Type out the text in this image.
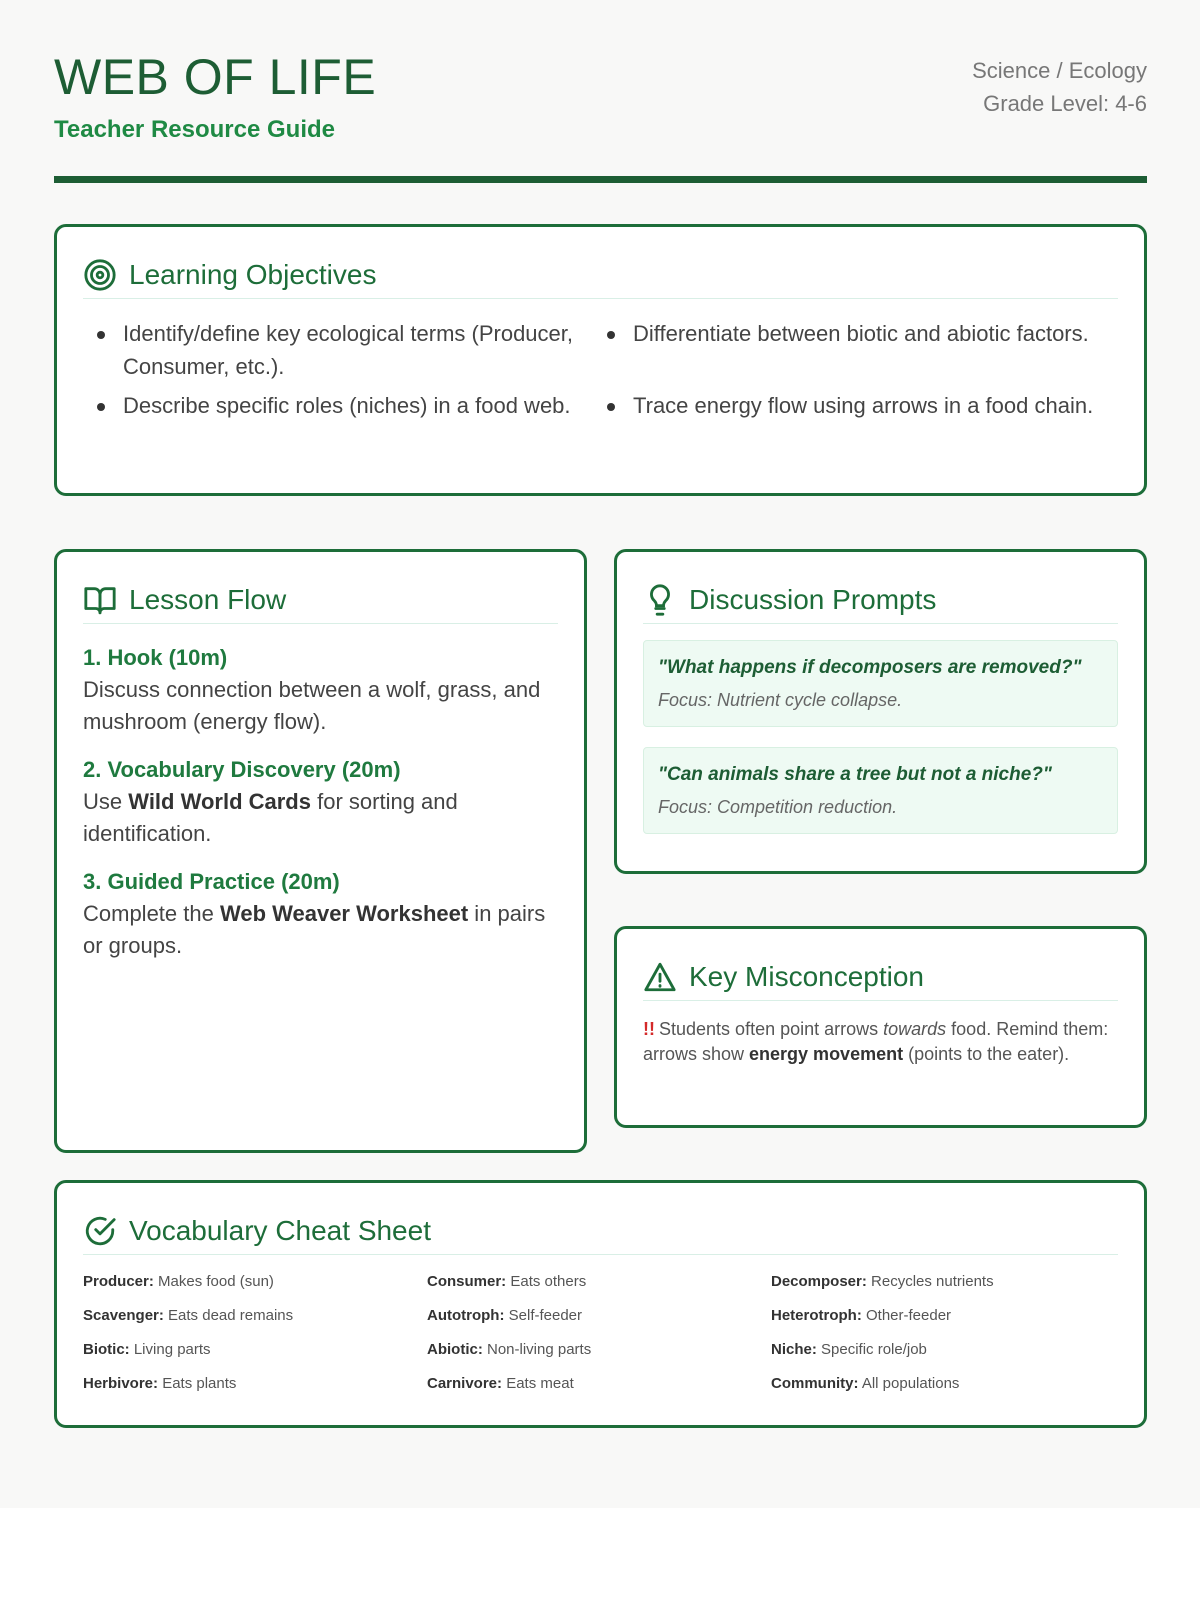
WEB OF LIFE
Teacher Resource Guide
Science / Ecology
Grade Level: 4-6
Learning Objectives
Identify/define key ecological terms (Producer, Consumer, etc.).
Differentiate between biotic and abiotic factors.
Describe specific roles (niches) in a food web.	Trace energy flow using arrows in a food chain.
Lesson Flow
1. Hook (10m)
Discuss connection between a wolf, grass, and mushroom (energy flow).
2. Vocabulary Discovery (20m)
Use Wild World Cards for sorting and identification.
3. Guided Practice (20m)
Complete the Web Weaver Worksheet in pairs or groups.
Discussion Prompts
"What happens if decomposers are removed?"
Focus: Nutrient cycle collapse.
"Can animals share a tree but not a niche?"
Focus: Competition reduction.
Key Misconception
!! Students often point arrows towards food. Remind them: arrows show energy movement (points to the eater).
Vocabulary Cheat Sheet
Producer: Makes food (sun)	Consumer: Eats others	Decomposer: Recycles nutrients
Scavenger: Eats dead remains	Autotroph: Self-feeder	Heterotroph: Other-feeder
Biotic: Living parts	Abiotic: Non-living parts	Niche: Specific role/job
Herbivore: Eats plants	Carnivore: Eats meat	Community: All populations
